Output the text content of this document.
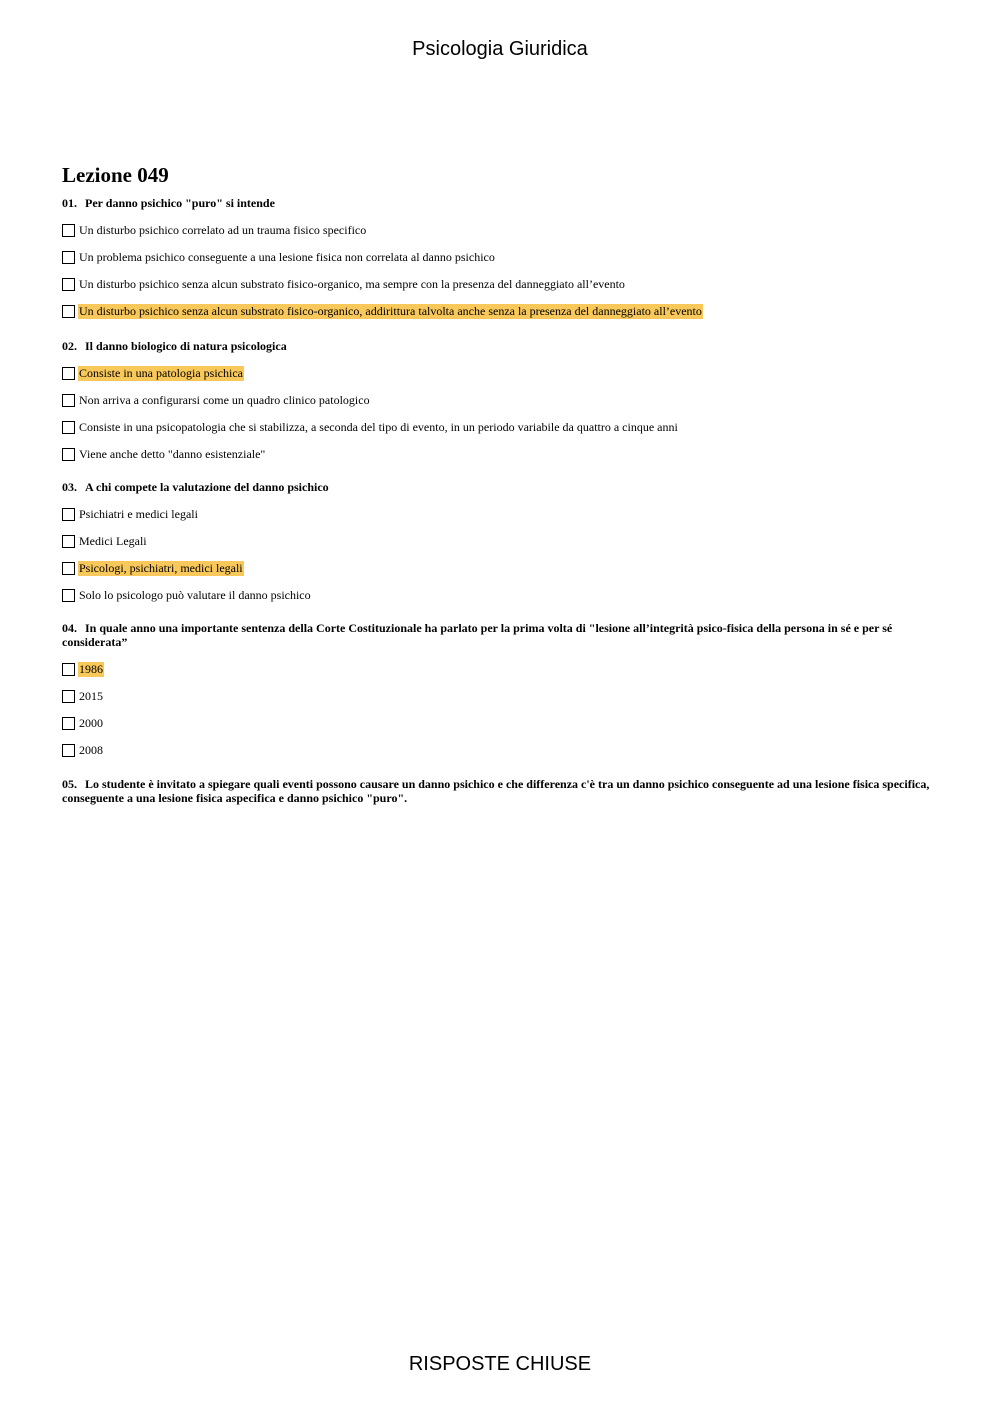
Psicologia Giuridica
Lezione 049
01. Per danno psichico "puro" si intende
Un disturbo psichico correlato ad un trauma fisico specifico
Un problema psichico conseguente a una lesione fisica non correlata al danno psichico
Un disturbo psichico senza alcun substrato fisico-organico, ma sempre con la presenza del danneggiato all’evento
Un disturbo psichico senza alcun substrato fisico-organico, addirittura talvolta anche senza la presenza del danneggiato all’evento
02. Il danno biologico di natura psicologica
Consiste in una patologia psichica
Non arriva a configurarsi come un quadro clinico patologico
Consiste in una psicopatologia che si stabilizza, a seconda del tipo di evento, in un periodo variabile da quattro a cinque anni
Viene anche detto "danno esistenziale"
03. A chi compete la valutazione del danno psichico
Psichiatri e medici legali
Medici Legali
Psicologi, psichiatri, medici legali
Solo lo psicologo può valutare il danno psichico
04. In quale anno una importante sentenza della Corte Costituzionale ha parlato per la prima volta di "lesione all’integrità psico-fisica della persona in sé e per sé considerata”
1986
2015
2000
2008
05. Lo studente è invitato a spiegare quali eventi possono causare un danno psichico e che differenza c'è tra un danno psichico conseguente ad una lesione fisica specifica, conseguente a una lesione fisica aspecifica e danno psichico "puro".
RISPOSTE CHIUSE
